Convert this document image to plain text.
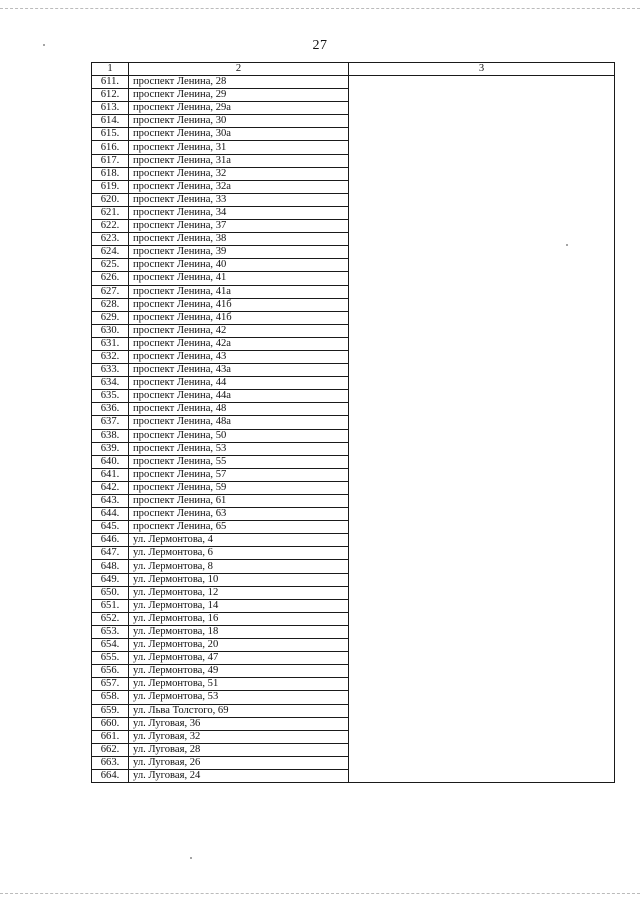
27
1	2	3
611.	проспект Ленина, 28	
612.	проспект Ленина, 29	
613.	проспект Ленина, 29а	
614.	проспект Ленина, 30	
615.	проспект Ленина, 30а	
616.	проспект Ленина, 31	
617.	проспект Ленина, 31а	
618.	проспект Ленина, 32	
619.	проспект Ленина, 32а	
620.	проспект Ленина, 33	
621.	проспект Ленина, 34	
622.	проспект Ленина, 37	
623.	проспект Ленина, 38	
624.	проспект Ленина, 39	
625.	проспект Ленина, 40	
626.	проспект Ленина, 41	
627.	проспект Ленина, 41а	
628.	проспект Ленина, 41б	
629.	проспект Ленина, 41б	
630.	проспект Ленина, 42	
631.	проспект Ленина, 42а	
632.	проспект Ленина, 43	
633.	проспект Ленина, 43а	
634.	проспект Ленина, 44	
635.	проспект Ленина, 44а	
636.	проспект Ленина, 48	
637.	проспект Ленина, 48а	
638.	проспект Ленина, 50	
639.	проспект Ленина, 53	
640.	проспект Ленина, 55	
641.	проспект Ленина, 57	
642.	проспект Ленина, 59	
643.	проспект Ленина, 61	
644.	проспект Ленина, 63	
645.	проспект Ленина, 65	
646.	ул. Лермонтова, 4	
647.	ул. Лермонтова, 6	
648.	ул. Лермонтова, 8	
649.	ул. Лермонтова, 10	
650.	ул. Лермонтова, 12	
651.	ул. Лермонтова, 14	
652.	ул. Лермонтова, 16	
653.	ул. Лермонтова, 18	
654.	ул. Лермонтова, 20	
655.	ул. Лермонтова, 47	
656.	ул. Лермонтова, 49	
657.	ул. Лермонтова, 51	
658.	ул. Лермонтова, 53	
659.	ул. Льва Толстого, 69	
660.	ул. Луговая, 36	
661.	ул. Луговая, 32	
662.	ул. Луговая, 28	
663.	ул. Луговая, 26	
664.	ул. Луговая, 24	
